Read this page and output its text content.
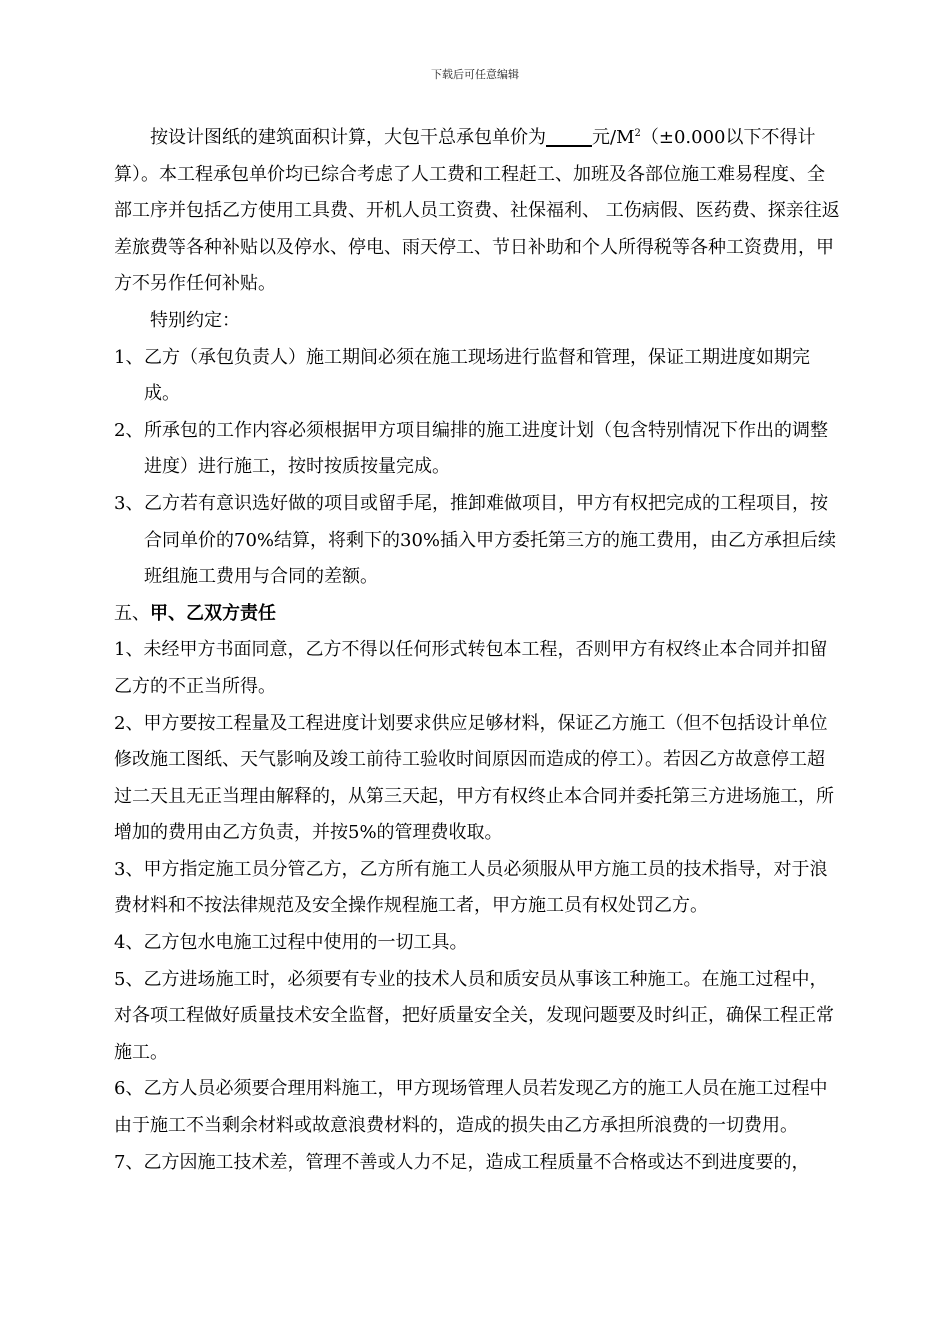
下载后可任意编辑

按设计图纸的建筑面积计算，大包干总承包单价为	元$/M^2(\pm 0.000$以下不得计算）。本工程承包单价均已综合考虑了人工费和工程赶工、加班及各部位施工难易程度、全部工序并包括乙方使用工具费、开机人员工资费、社保福利、 工伤病假、医药费、探亲往返差旅费等各种补贴以及停水、停电、雨天停工、节日补助和个人所得税等各种工资费用，甲方不另作任何补贴。

特别约定：

1、 乙方（承包负责人）施工期间必须在施工现场进行监督和管理，保证工期进度如期完成。
2、 所承包的工作内容必须根据甲方项目编排的施工进度计划（包含特别情况下作出的调整进度）进行施工，按时按质按量完成。
3、 乙方若有意识选好做的项目或留手尾，推卸难做项目，甲方有权把完成的工程项目，按合同单价的70%结算，将剩下的30%插入甲方委托第三方的施工费用，由乙方承担后续班组施工费用与合同的差额。

五、甲、乙双方责任

1、未经甲方书面同意，乙方不得以任何形式转包本工程，否则甲方有权终止本合同并扣留乙方的不正当所得。

2、甲方要按工程量及工程进度计划要求供应足够材料，保证乙方施工（但不包括设计单位修改施工图纸、天气影响及竣工前待工验收时间原因而造成的停工）。若因乙方故意停工超过二天且无正当理由解释的，从第三天起，甲方有权终止本合同并委托第三方进场施工，所增加的费用由乙方负责，并按5%的管理费收取。

3、甲方指定施工员分管乙方，乙方所有施工人员必须服从甲方施工员的技术指导，对于浪费材料和不按法律规范及安全操作规程施工者，甲方施工员有权处罚乙方。

4、乙方包水电施工过程中使用的一切工具。

5、乙方进场施工时，必须要有专业的技术人员和质安员从事该工种施工。在施工过程中，对各项工程做好质量技术安全监督，把好质量安全关，发现问题要及时纠正，确保工程正常施工。

6、乙方人员必须要合理用料施工，甲方现场管理人员若发现乙方的施工人员在施工过程中由于施工不当剩余材料或故意浪费材料的，造成的损失由乙方承担所浪费的一切费用。

7、乙方因施工技术差，管理不善或人力不足，造成工程质量不合格或达不到进度要的，
